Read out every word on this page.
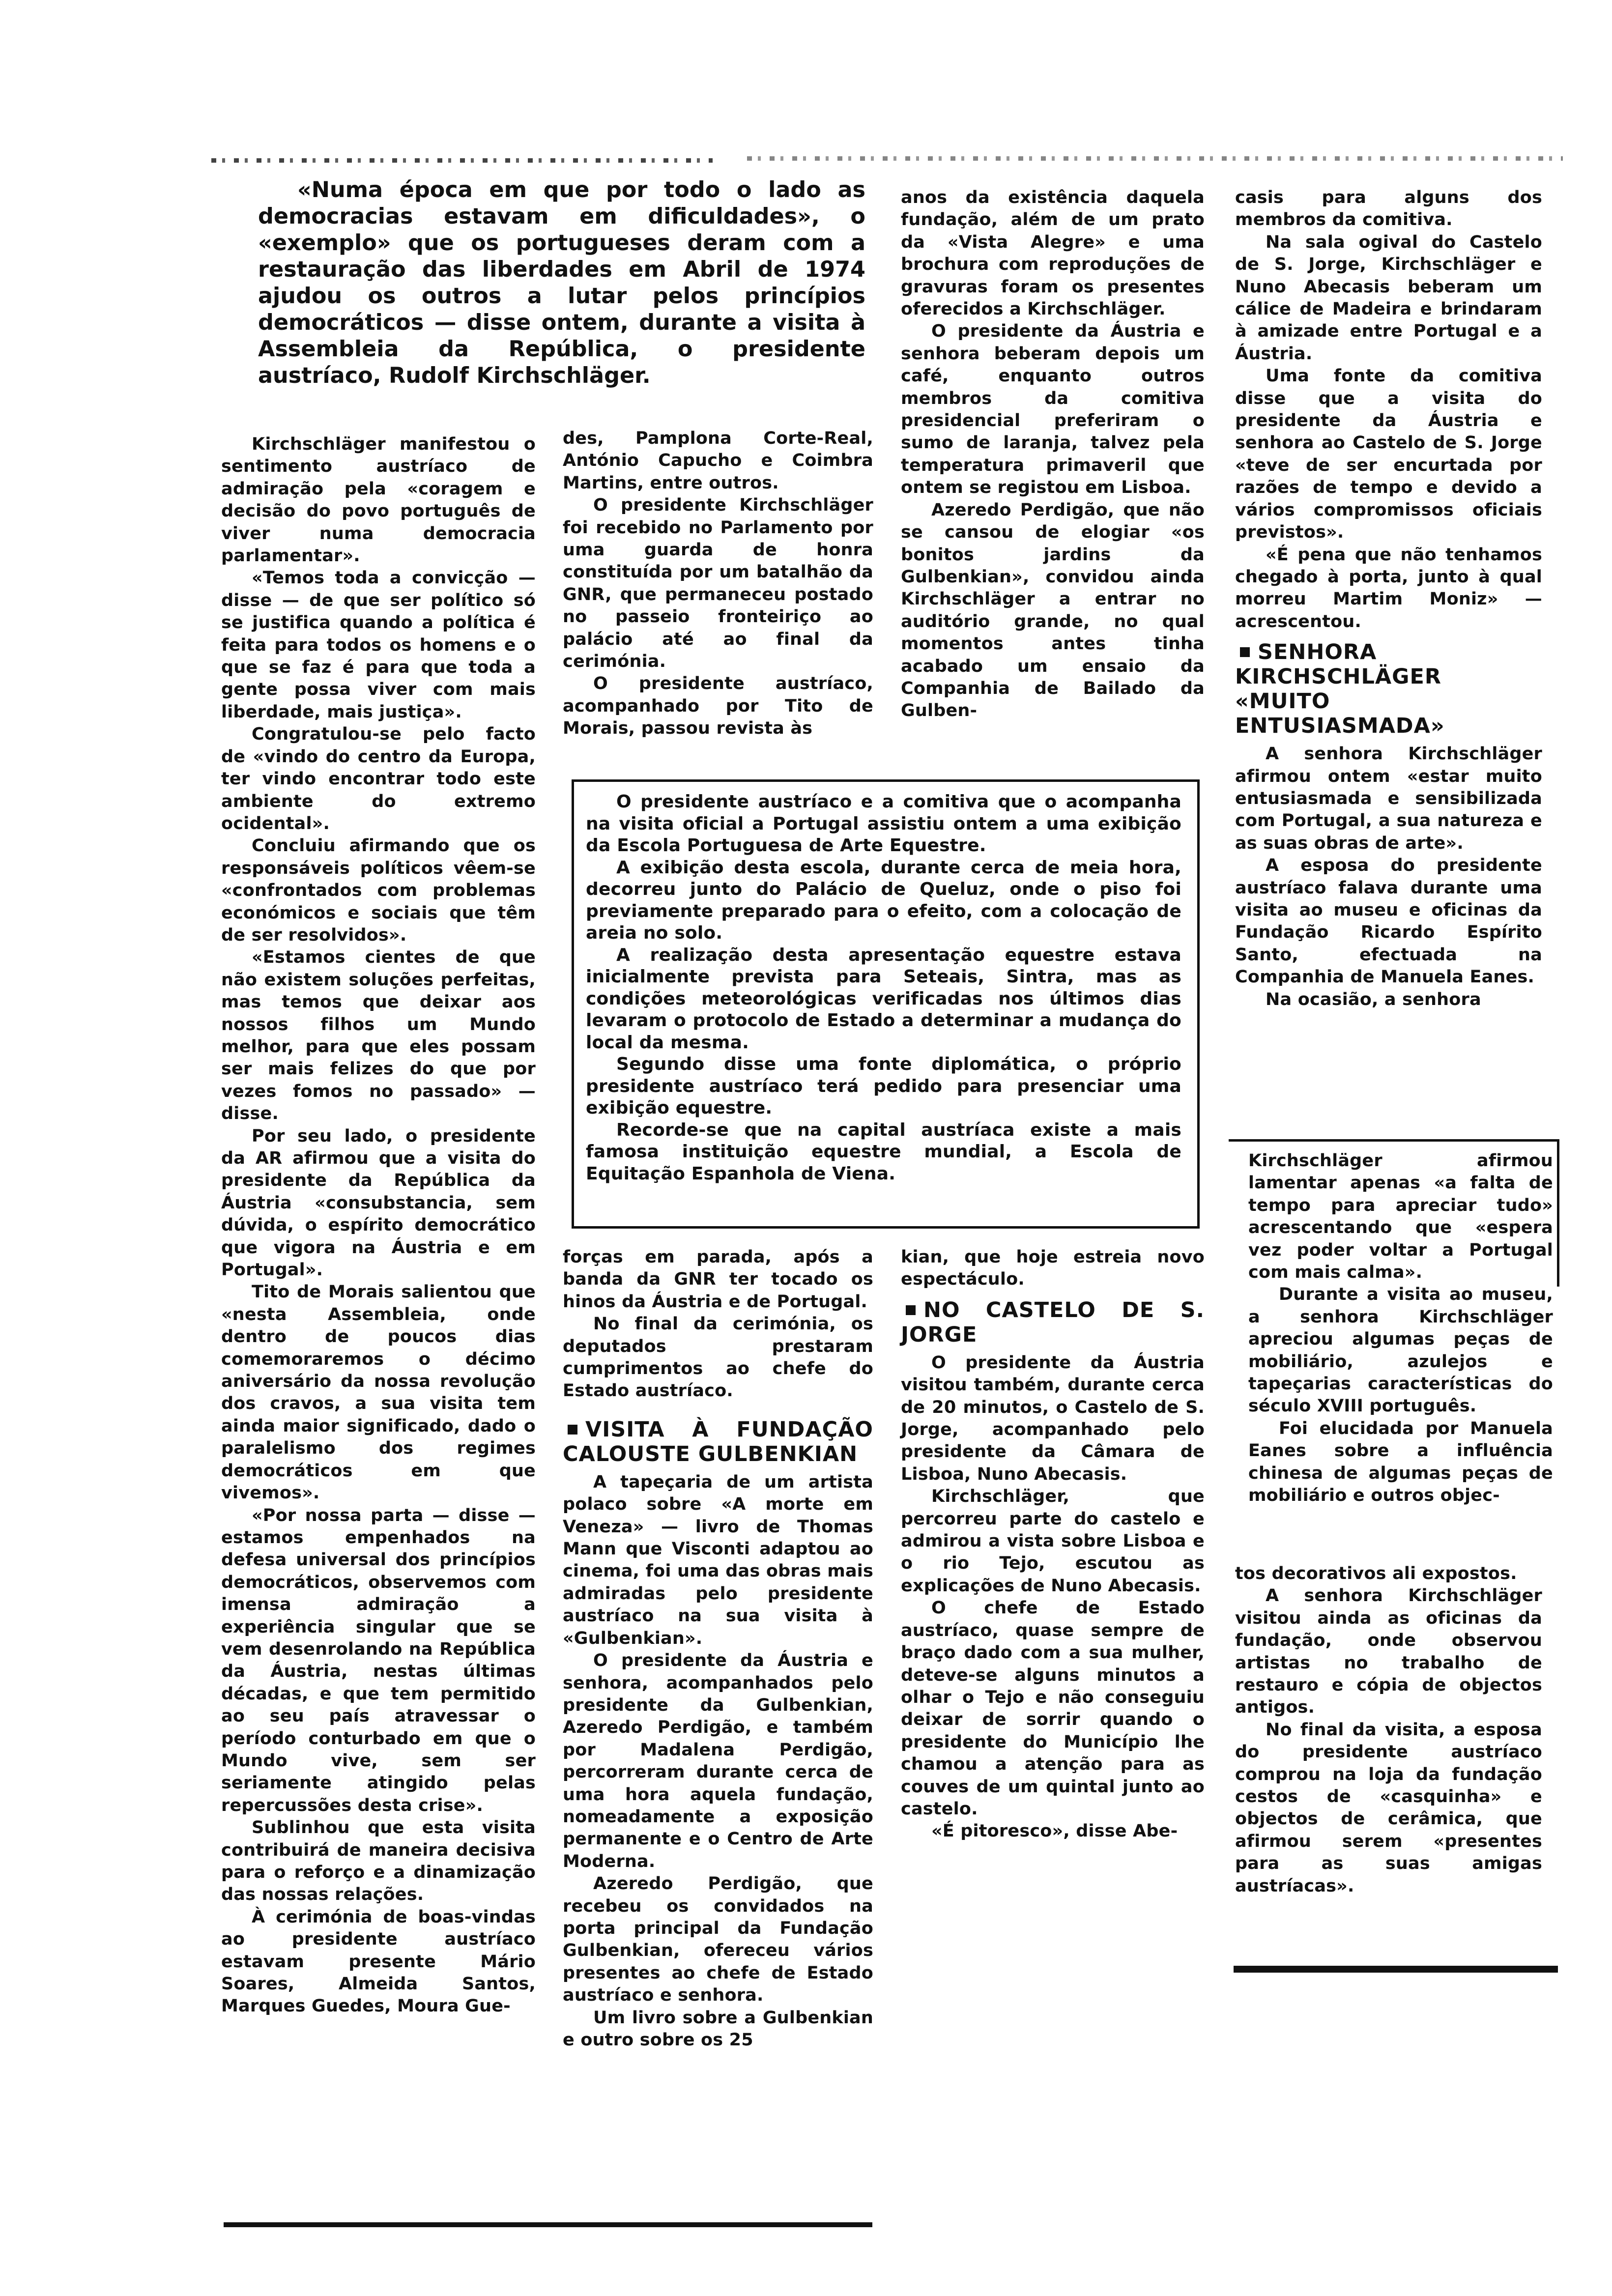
«Numa época em que por todo o lado as democracias estavam em dificuldades», o «exemplo» que os portugueses deram com a restauração das liberdades em Abril de 1974 ajudou os outros a lutar pelos princípios democráticos — disse ontem, durante a visita à Assembleia da República, o presidente austríaco, Rudolf Kirchschläger.

Kirchschläger manifestou o sentimento austríaco de admiração pela «coragem e decisão do povo português de viver numa democracia parlamentar».

«Temos toda a convicção — disse — de que ser político só se justifica quando a política é feita para todos os homens e o que se faz é para que toda a gente possa viver com mais liberdade, mais justiça».

Congratulou-se pelo facto de «vindo do centro da Europa, ter vindo encontrar todo este ambiente do extremo ocidental».

Concluiu afirmando que os responsáveis políticos vêem-se «confrontados com problemas económicos e sociais que têm de ser resolvidos».

«Estamos cientes de que não existem soluções perfeitas, mas temos que deixar aos nossos filhos um Mundo melhor, para que eles possam ser mais felizes do que por vezes fomos no passado» — disse.

Por seu lado, o presidente da AR afirmou que a visita do presidente da República da Áustria «consubstancia, sem dúvida, o espírito democrático que vigora na Áustria e em Portugal».

Tito de Morais salientou que «nesta Assembleia, onde dentro de poucos dias comemoraremos o décimo aniversário da nossa revolução dos cravos, a sua visita tem ainda maior significado, dado o paralelismo dos regimes democráticos em que vivemos».

«Por nossa parta — disse — estamos empenhados na defesa universal dos princípios democráticos, observemos com imensa admiração a experiência singular que se vem desenrolando na República da Áustria, nestas últimas décadas, e que tem permitido ao seu país atravessar o período conturbado em que o Mundo vive, sem ser seriamente atingido pelas repercussões desta crise».

Sublinhou que esta visita contribuirá de maneira decisiva para o reforço e a dinamização das nossas relações.

À cerimónia de boas-vindas ao presidente austríaco estavam presente Mário Soares, Almeida Santos, Marques Guedes, Moura Gue-

des, Pamplona Corte-Real, António Capucho e Coimbra Martins, entre outros.

O presidente Kirchschläger foi recebido no Parlamento por uma guarda de honra constituída por um batalhão da GNR, que permaneceu postado no passeio fronteiriço ao palácio até ao final da cerimónia.

O presidente austríaco, acompanhado por Tito de Morais, passou revista às

anos da existência daquela fundação, além de um prato da «Vista Alegre» e uma brochura com reproduções de gravuras foram os presentes oferecidos a Kirchschläger.

O presidente da Áustria e senhora beberam depois um café, enquanto outros membros da comitiva presidencial preferiram o sumo de laranja, talvez pela temperatura primaveril que ontem se registou em Lisboa.

Azeredo Perdigão, que não se cansou de elogiar «os bonitos jardins da Gulbenkian», convidou ainda Kirchschläger a entrar no auditório grande, no qual momentos antes tinha acabado um ensaio da Companhia de Bailado da Gulben-

O presidente austríaco e a comitiva que o acompanha na visita oficial a Portugal assistiu ontem a uma exibição da Escola Portuguesa de Arte Equestre.

A exibição desta escola, durante cerca de meia hora, decorreu junto do Palácio de Queluz, onde o piso foi previamente preparado para o efeito, com a colocação de areia no solo.

A realização desta apresentação equestre estava inicialmente prevista para Seteais, Sintra, mas as condições meteorológicas verificadas nos últimos dias levaram o protocolo de Estado a determinar a mudança do local da mesma.

Segundo disse uma fonte diplomática, o próprio presidente austríaco terá pedido para presenciar uma exibição equestre.

Recorde-se que na capital austríaca existe a mais famosa instituição equestre mundial, a Escola de Equitação Espanhola de Viena.

forças em parada, após a banda da GNR ter tocado os hinos da Áustria e de Portugal.

No final da cerimónia, os deputados prestaram cumprimentos ao chefe do Estado austríaco.

VISITA À FUNDAÇÃO CALOUSTE GULBENKIAN

A tapeçaria de um artista polaco sobre «A morte em Veneza» — livro de Thomas Mann que Visconti adaptou ao cinema, foi uma das obras mais admiradas pelo presidente austríaco na sua visita à «Gulbenkian».

O presidente da Áustria e senhora, acompanhados pelo presidente da Gulbenkian, Azeredo Perdigão, e também por Madalena Perdigão, percorreram durante cerca de uma hora aquela fundação, nomeadamente a exposição permanente e o Centro de Arte Moderna.

Azeredo Perdigão, que recebeu os convidados na porta principal da Fundação Gulbenkian, ofereceu vários presentes ao chefe de Estado austríaco e senhora.

Um livro sobre a Gulbenkian e outro sobre os 25

kian, que hoje estreia novo espectáculo.

NO CASTELO DE S. JORGE

O presidente da Áustria visitou também, durante cerca de 20 minutos, o Castelo de S. Jorge, acompanhado pelo presidente da Câmara de Lisboa, Nuno Abecasis.

Kirchschläger, que percorreu parte do castelo e admirou a vista sobre Lisboa e o rio Tejo, escutou as explicações de Nuno Abecasis.

O chefe de Estado austríaco, quase sempre de braço dado com a sua mulher, deteve-se alguns minutos a olhar o Tejo e não conseguiu deixar de sorrir quando o presidente do Município lhe chamou a atenção para as couves de um quintal junto ao castelo.

«É pitoresco», disse Abe-

casis para alguns dos membros da comitiva.

Na sala ogival do Castelo de S. Jorge, Kirchschläger e Nuno Abecasis beberam um cálice de Madeira e brindaram à amizade entre Portugal e a Áustria.

Uma fonte da comitiva disse que a visita do presidente da Áustria e senhora ao Castelo de S. Jorge «teve de ser encurtada por razões de tempo e devido a vários compromissos oficiais previstos».

«É pena que não tenhamos chegado à porta, junto à qual morreu Martim Moniz» — acrescentou.

SENHORA KIRCHSCHLÄGER «MUITO ENTUSIASMADA»

A senhora Kirchschläger afirmou ontem «estar muito entusiasmada e sensibilizada com Portugal, a sua natureza e as suas obras de arte».

A esposa do presidente austríaco falava durante uma visita ao museu e oficinas da Fundação Ricardo Espírito Santo, efectuada na Companhia de Manuela Eanes.

Na ocasião, a senhora

Kirchschläger afirmou lamentar apenas «a falta de tempo para apreciar tudo» acrescentando que «espera vez poder voltar a Portugal com mais calma».

Durante a visita ao museu, a senhora Kirchschläger apreciou algumas peças de mobiliário, azulejos e tapeçarias características do século XVIII português.

Foi elucidada por Manuela Eanes sobre a influência chinesa de algumas peças de mobiliário e outros objec-

tos decorativos ali expostos.

A senhora Kirchschläger visitou ainda as oficinas da fundação, onde observou artistas no trabalho de restauro e cópia de objectos antigos.

No final da visita, a esposa do presidente austríaco comprou na loja da fundação cestos de «casquinha» e objectos de cerâmica, que afirmou serem «presentes para as suas amigas austríacas».
